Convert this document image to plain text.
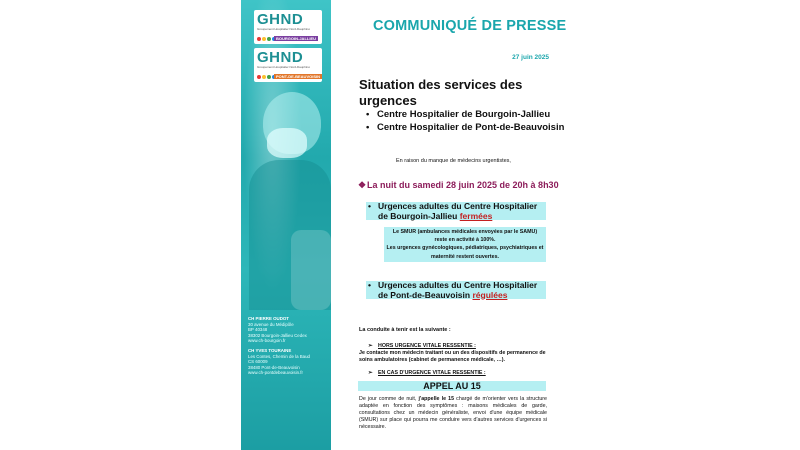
GHND
Groupement Hospitalier Nord-Dauphiné
BOURGOIN-JALLIEU
GHND
Groupement Hospitalier Nord-Dauphiné
PONT-DE-BEAUVOISIN
CH PIERRE OUDOT
30 avenue du Médipôle
BP 40348
38302 Bourgoin-Jallieu Cedex
www.ch-bourgoin.fr
CH YVES TOURAINE
Les Contes, Chemin de la Baud
CS 60009
38480 Pont-de-Beauvoisin
www.ch-pontdebeauvoisin.fr
COMMUNIQUÉ DE PRESSE
27 juin 2025
Situation des services des urgences
• Centre Hospitalier de Bourgoin-Jallieu
• Centre Hospitalier de Pont-de-Beauvoisin
En raison du manque de médecins urgentistes,
❖La nuit du samedi 28 juin 2025 de 20h à 8h30
• Urgences adultes du Centre Hospitalier de Bourgoin-Jallieu fermées
Le SMUR (ambulances médicales envoyées par le SAMU)
reste en activité à 100%.
Les urgences gynécologiques, pédiatriques, psychiatriques et
maternité restent ouvertes.
• Urgences adultes du Centre Hospitalier de Pont-de-Beauvoisin régulées
La conduite à tenir est la suivante :
➢ HORS URGENCE VITALE RESSENTIE :
Je contacte mon médecin traitant ou un des dispositifs de permanence de soins ambulatoires (cabinet de permanence médicale, …).
➢ EN CAS D'URGENCE VITALE RESSENTIE :
APPEL AU 15
De jour comme de nuit, j'appelle le 15 chargé de m'orienter vers la structure adaptée en fonction des symptômes : maisons médicales de garde, consultations chez un médecin généraliste, envoi d'une équipe médicale (SMUR) sur place qui pourra me conduire vers d'autres services d'urgences si nécessaire.
